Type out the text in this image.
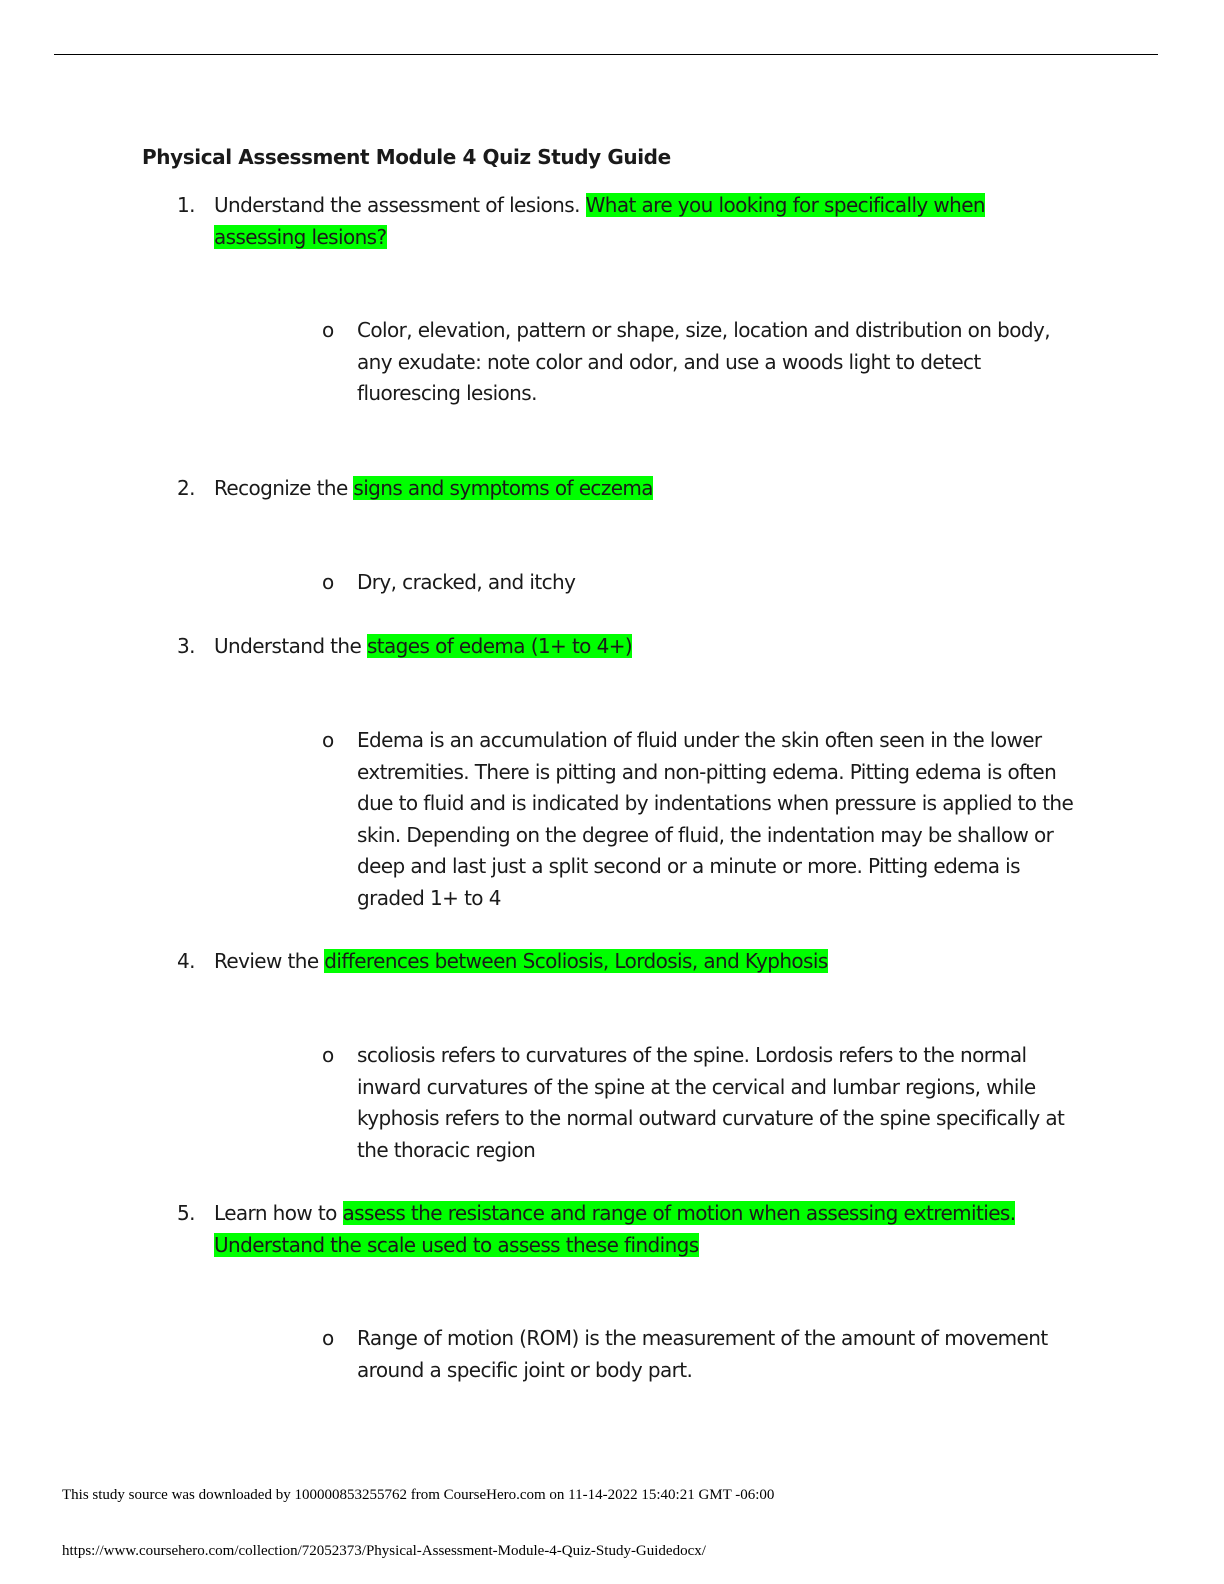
Physical Assessment Module 4 Quiz Study Guide
1. Understand the assessment of lesions. What are you looking for specifically when assessing lesions?
o Color, elevation, pattern or shape, size, location and distribution on body, any exudate: note color and odor, and use a woods light to detect fluorescing lesions.
2. Recognize the signs and symptoms of eczema
o Dry, cracked, and itchy
3. Understand the stages of edema (1+ to 4+)
o Edema is an accumulation of fluid under the skin often seen in the lower extremities. There is pitting and non-pitting edema. Pitting edema is often due to fluid and is indicated by indentations when pressure is applied to the skin. Depending on the degree of fluid, the indentation may be shallow or deep and last just a split second or a minute or more. Pitting edema is graded 1+ to 4
4. Review the differences between Scoliosis, Lordosis, and Kyphosis
o scoliosis refers to curvatures of the spine. Lordosis refers to the normal inward curvatures of the spine at the cervical and lumbar regions, while kyphosis refers to the normal outward curvature of the spine specifically at the thoracic region
5. Learn how to assess the resistance and range of motion when assessing extremities. Understand the scale used to assess these findings
o Range of motion (ROM) is the measurement of the amount of movement around a specific joint or body part.
This study source was downloaded by 100000853255762 from CourseHero.com on 11-14-2022 15:40:21 GMT -06:00
https://www.coursehero.com/collection/72052373/Physical-Assessment-Module-4-Quiz-Study-Guidedocx/
